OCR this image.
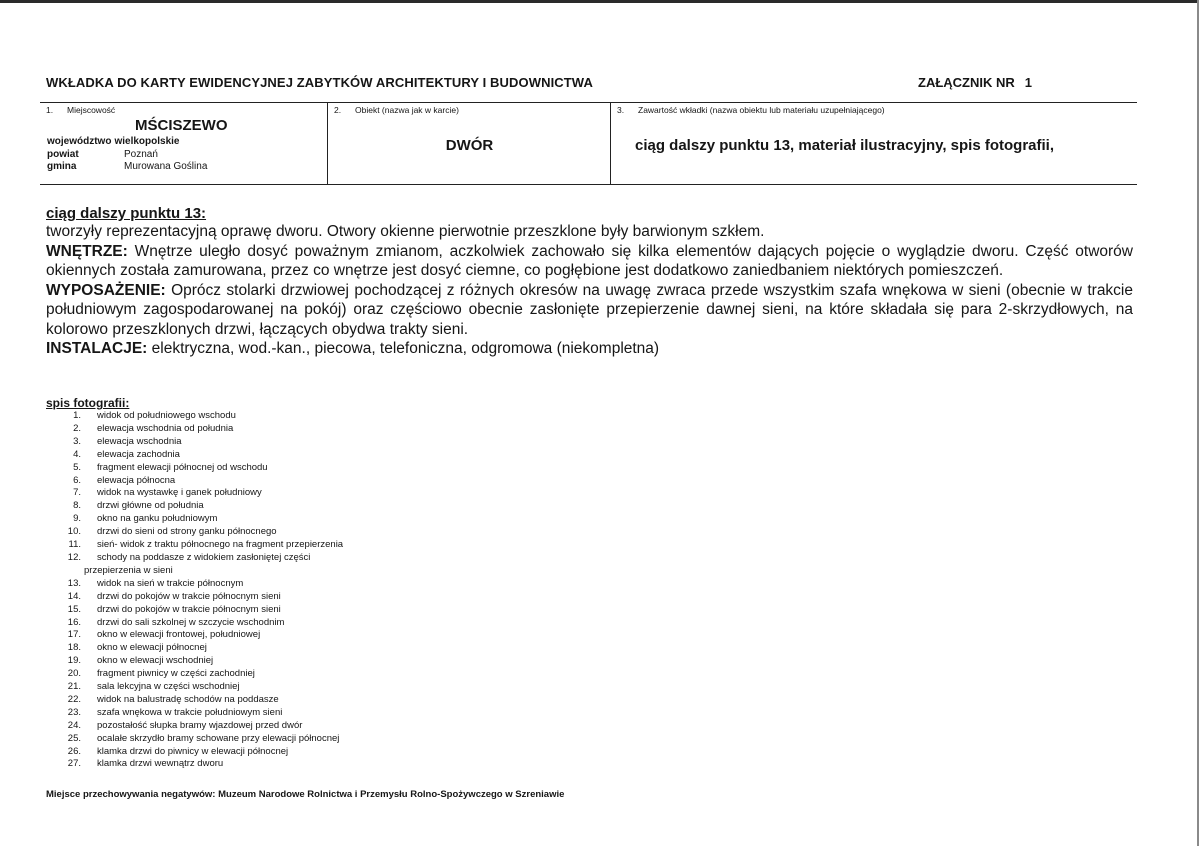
WKŁADKA DO KARTY EWIDENCYJNEJ ZABYTKÓW ARCHITEKTURY I BUDOWNICTWA	ZAŁĄCZNIK NR 1
1. Miejscowość
MŚCISZEWO
województwo wielkopolskie
powiat	Poznań
gmina	Murowana Goślina
2. Obiekt (nazwa jak w karcie)
DWÓR
3. Zawartość wkładki (nazwa obiektu lub materiału uzupełniającego)
ciąg dalszy punktu 13, materiał ilustracyjny, spis fotografii,
ciąg dalszy punktu 13:

tworzyły reprezentacyjną oprawę dworu. Otwory okienne pierwotnie przeszklone były barwionym szkłem.

WNĘTRZE: Wnętrze uległo dosyć poważnym zmianom, aczkolwiek zachowało się kilka elementów dających pojęcie o wyglądzie dworu. Część otworów okiennych została zamurowana, przez co wnętrze jest dosyć ciemne, co pogłębione jest dodatkowo zaniedbaniem niektórych pomieszczeń.

WYPOSAŻENIE: Oprócz stolarki drzwiowej pochodzącej z różnych okresów na uwagę zwraca przede wszystkim szafa wnękowa w sieni (obecnie w trakcie południowym zagospodarowanej na pokój) oraz częściowo obecnie zasłonięte przepierzenie dawnej sieni, na które składała się para 2-skrzydłowych, na kolorowo przeszklonych drzwi, łączących obydwa trakty sieni.

INSTALACJE: elektryczna, wod.-kan., piecowa, telefoniczna, odgromowa (niekompletna)

spis fotografii:
1. widok od południowego wschodu
2. elewacja wschodnia od południa
3. elewacja wschodnia
4. elewacja zachodnia
5. fragment elewacji północnej od wschodu
6. elewacja północna
7. widok na wystawkę i ganek południowy
8. drzwi główne od południa
9. okno na ganku południowym
10. drzwi do sieni od strony ganku północnego
11. sień- widok z traktu północnego na fragment przepierzenia
12. schody na poddasze z widokiem zasłoniętej części
przepierzenia w sieni
13. widok na sień w trakcie północnym
14. drzwi do pokojów w trakcie północnym sieni
15. drzwi do pokojów w trakcie północnym sieni
16. drzwi do sali szkolnej w szczycie wschodnim
17. okno w elewacji frontowej, południowej
18. okno w elewacji północnej
19. okno w elewacji wschodniej
20. fragment piwnicy w części zachodniej
21. sala lekcyjna w części wschodniej
22. widok na balustradę schodów na poddasze
23. szafa wnękowa w trakcie południowym sieni
24. pozostałość słupka bramy wjazdowej przed dwór
25. ocalałe skrzydło bramy schowane przy elewacji północnej
26. klamka drzwi do piwnicy w elewacji północnej
27. klamka drzwi wewnątrz dworu
Miejsce przechowywania negatywów: Muzeum Narodowe Rolnictwa i Przemysłu Rolno-Spożywczego w Szreniawie
